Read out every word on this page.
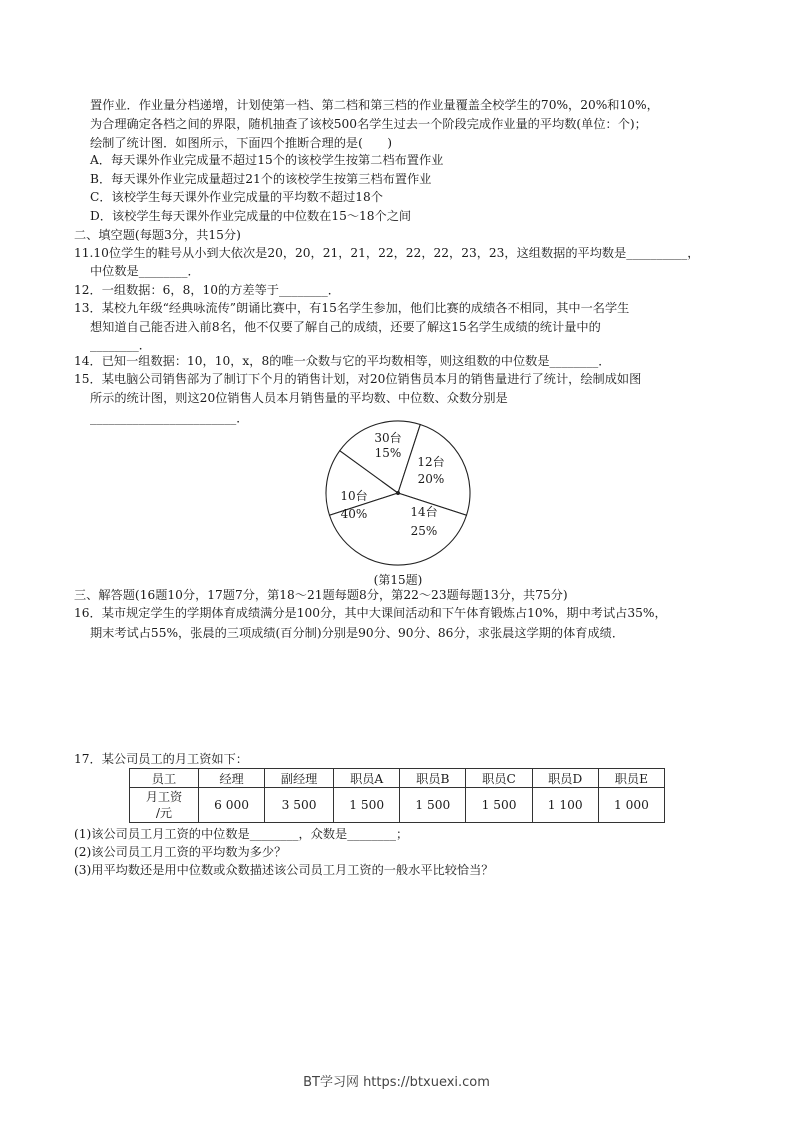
置作业．作业量分档递增，计划使第一档、第二档和第三档的作业量覆盖全校学生的70%，20%和10%，
为合理确定各档之间的界限，随机抽查了该校500名学生过去一个阶段完成作业量的平均数(单位：个)；
绘制了统计图．如图所示，下面四个推断合理的是(　　)
A．每天课外作业完成量不超过15个的该校学生按第二档布置作业
B．每天课外作业完成量超过21个的该校学生按第三档布置作业
C．该校学生每天课外作业完成量的平均数不超过18个
D．该校学生每天课外作业完成量的中位数在15～18个之间
二、填空题(每题3分，共15分)
11.10位学生的鞋号从小到大依次是20，20，21，21，22，22，22，23，23，这组数据的平均数是__________，
中位数是________．
12．一组数据：6，8，10的方差等于________．
13．某校九年级“经典咏流传”朗诵比赛中，有15名学生参加，他们比赛的成绩各不相同，其中一名学生
想知道自己能否进入前8名，他不仅要了解自己的成绩，还要了解这15名学生成绩的统计量中的
________．
14．已知一组数据：10，10，x，8的唯一众数与它的平均数相等，则这组数的中位数是________．
15．某电脑公司销售部为了制订下个月的销售计划，对20位销售员本月的销售量进行了统计，绘制成如图
所示的统计图，则这20位销售人员本月销售量的平均数、中位数、众数分别是
________________________．
30台
15%
12台
20%
14台
25%
10台
40%
(第15题)
三、解答题(16题10分，17题7分，第18～21题每题8分，第22～23题每题13分，共75分)
16．某市规定学生的学期体育成绩满分是100分，其中大课间活动和下午体育锻炼占10%，期中考试占35%，
期末考试占55%，张晨的三项成绩(百分制)分别是90分、90分、86分，求张晨这学期的体育成绩．
17．某公司员工的月工资如下：
员工	经理	副经理	职员A	职员B	职员C	职员D	职员E
月工资
/元	6 000	3 500	1 500	1 500	1 500	1 100	1 000
(1)该公司员工月工资的中位数是________，众数是________；
(2)该公司员工月工资的平均数为多少？
(3)用平均数还是用中位数或众数描述该公司员工月工资的一般水平比较恰当？
BT学习网 https://btxuexi.com
